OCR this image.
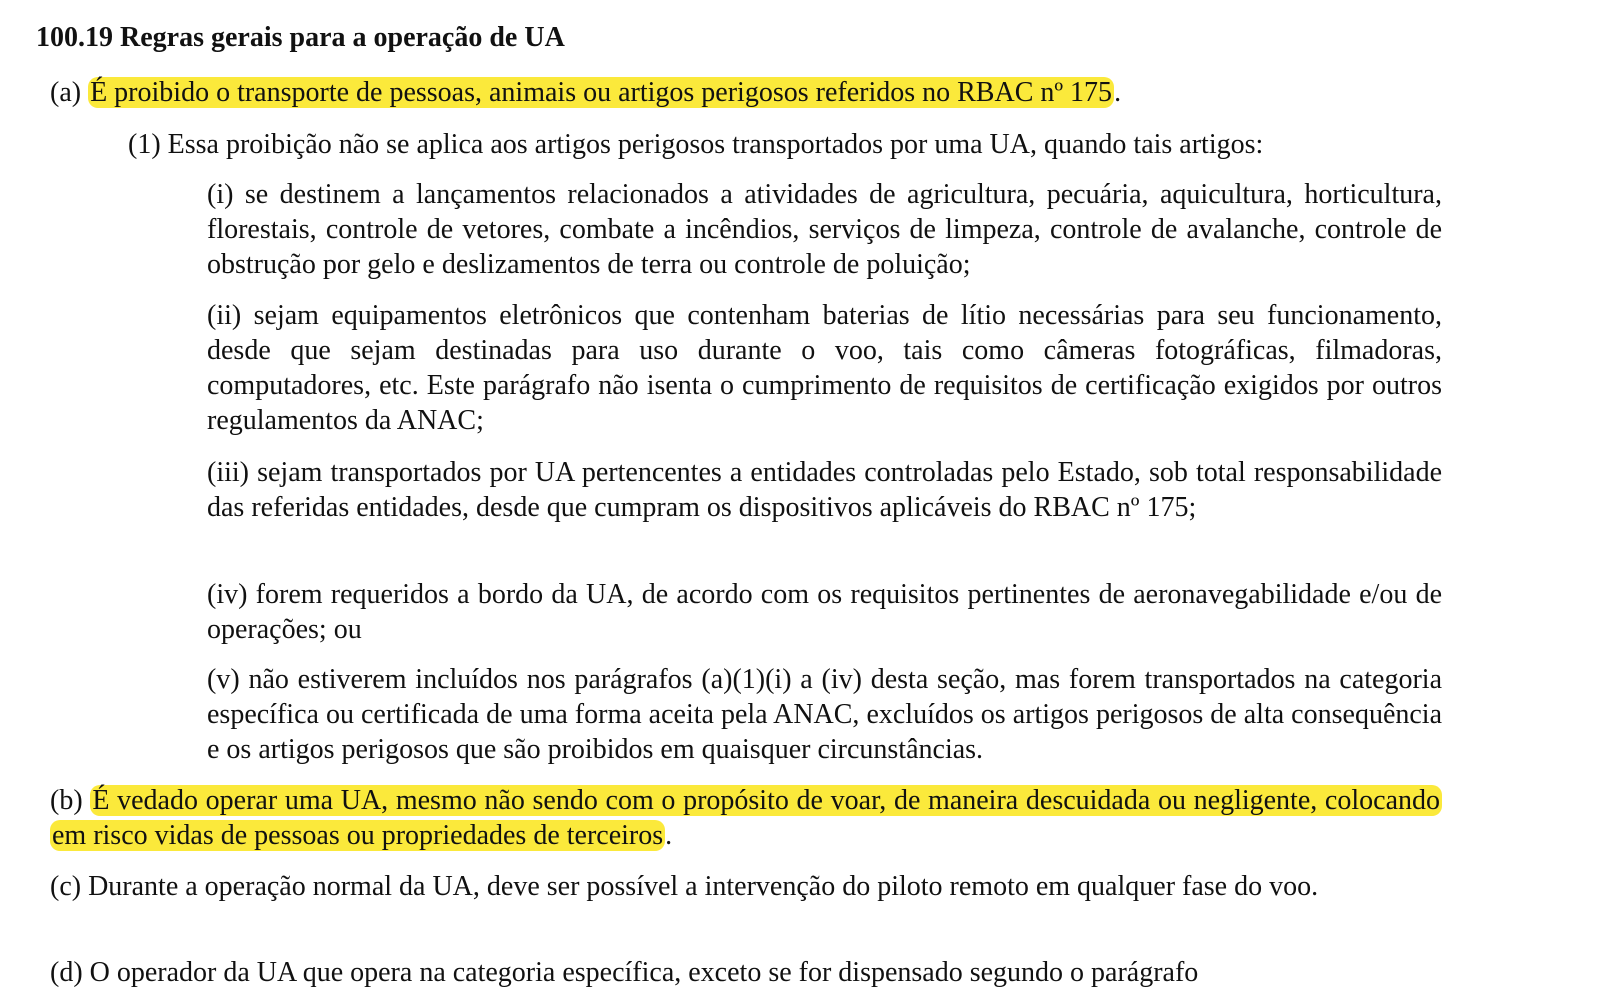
100.19 Regras gerais para a operação de UA
(a) É proibido o transporte de pessoas, animais ou artigos perigosos referidos no RBAC nº 175.
(1) Essa proibição não se aplica aos artigos perigosos transportados por uma UA, quando tais artigos:
(i) se destinem a lançamentos relacionados a atividades de agricultura, pecuária, aquicultura, horticultura, florestais, controle de vetores, combate a incêndios, serviços de limpeza, controle de avalanche, controle de obstrução por gelo e deslizamentos de terra ou controle de poluição;
(ii) sejam equipamentos eletrônicos que contenham baterias de lítio necessárias para seu funcionamento, desde que sejam destinadas para uso durante o voo, tais como câmeras fotográficas, filmadoras, computadores, etc. Este parágrafo não isenta o cumprimento de requisitos de certificação exigidos por outros regulamentos da ANAC;
(iii) sejam transportados por UA pertencentes a entidades controladas pelo Estado, sob total responsabilidade das referidas entidades, desde que cumpram os dispositivos aplicáveis do RBAC nº 175;
(iv) forem requeridos a bordo da UA, de acordo com os requisitos pertinentes de aeronavegabilidade e/ou de operações; ou
(v) não estiverem incluídos nos parágrafos (a)(1)(i) a (iv) desta seção, mas forem transportados na categoria específica ou certificada de uma forma aceita pela ANAC, excluídos os artigos perigosos de alta consequência e os artigos perigosos que são proibidos em quaisquer circunstâncias.
(b) É vedado operar uma UA, mesmo não sendo com o propósito de voar, de maneira descuidada ou negligente, colocando em risco vidas de pessoas ou propriedades de terceiros.
(c) Durante a operação normal da UA, deve ser possível a intervenção do piloto remoto em qualquer fase do voo.
(d) O operador da UA que opera na categoria específica, exceto se for dispensado segundo o parágrafo
